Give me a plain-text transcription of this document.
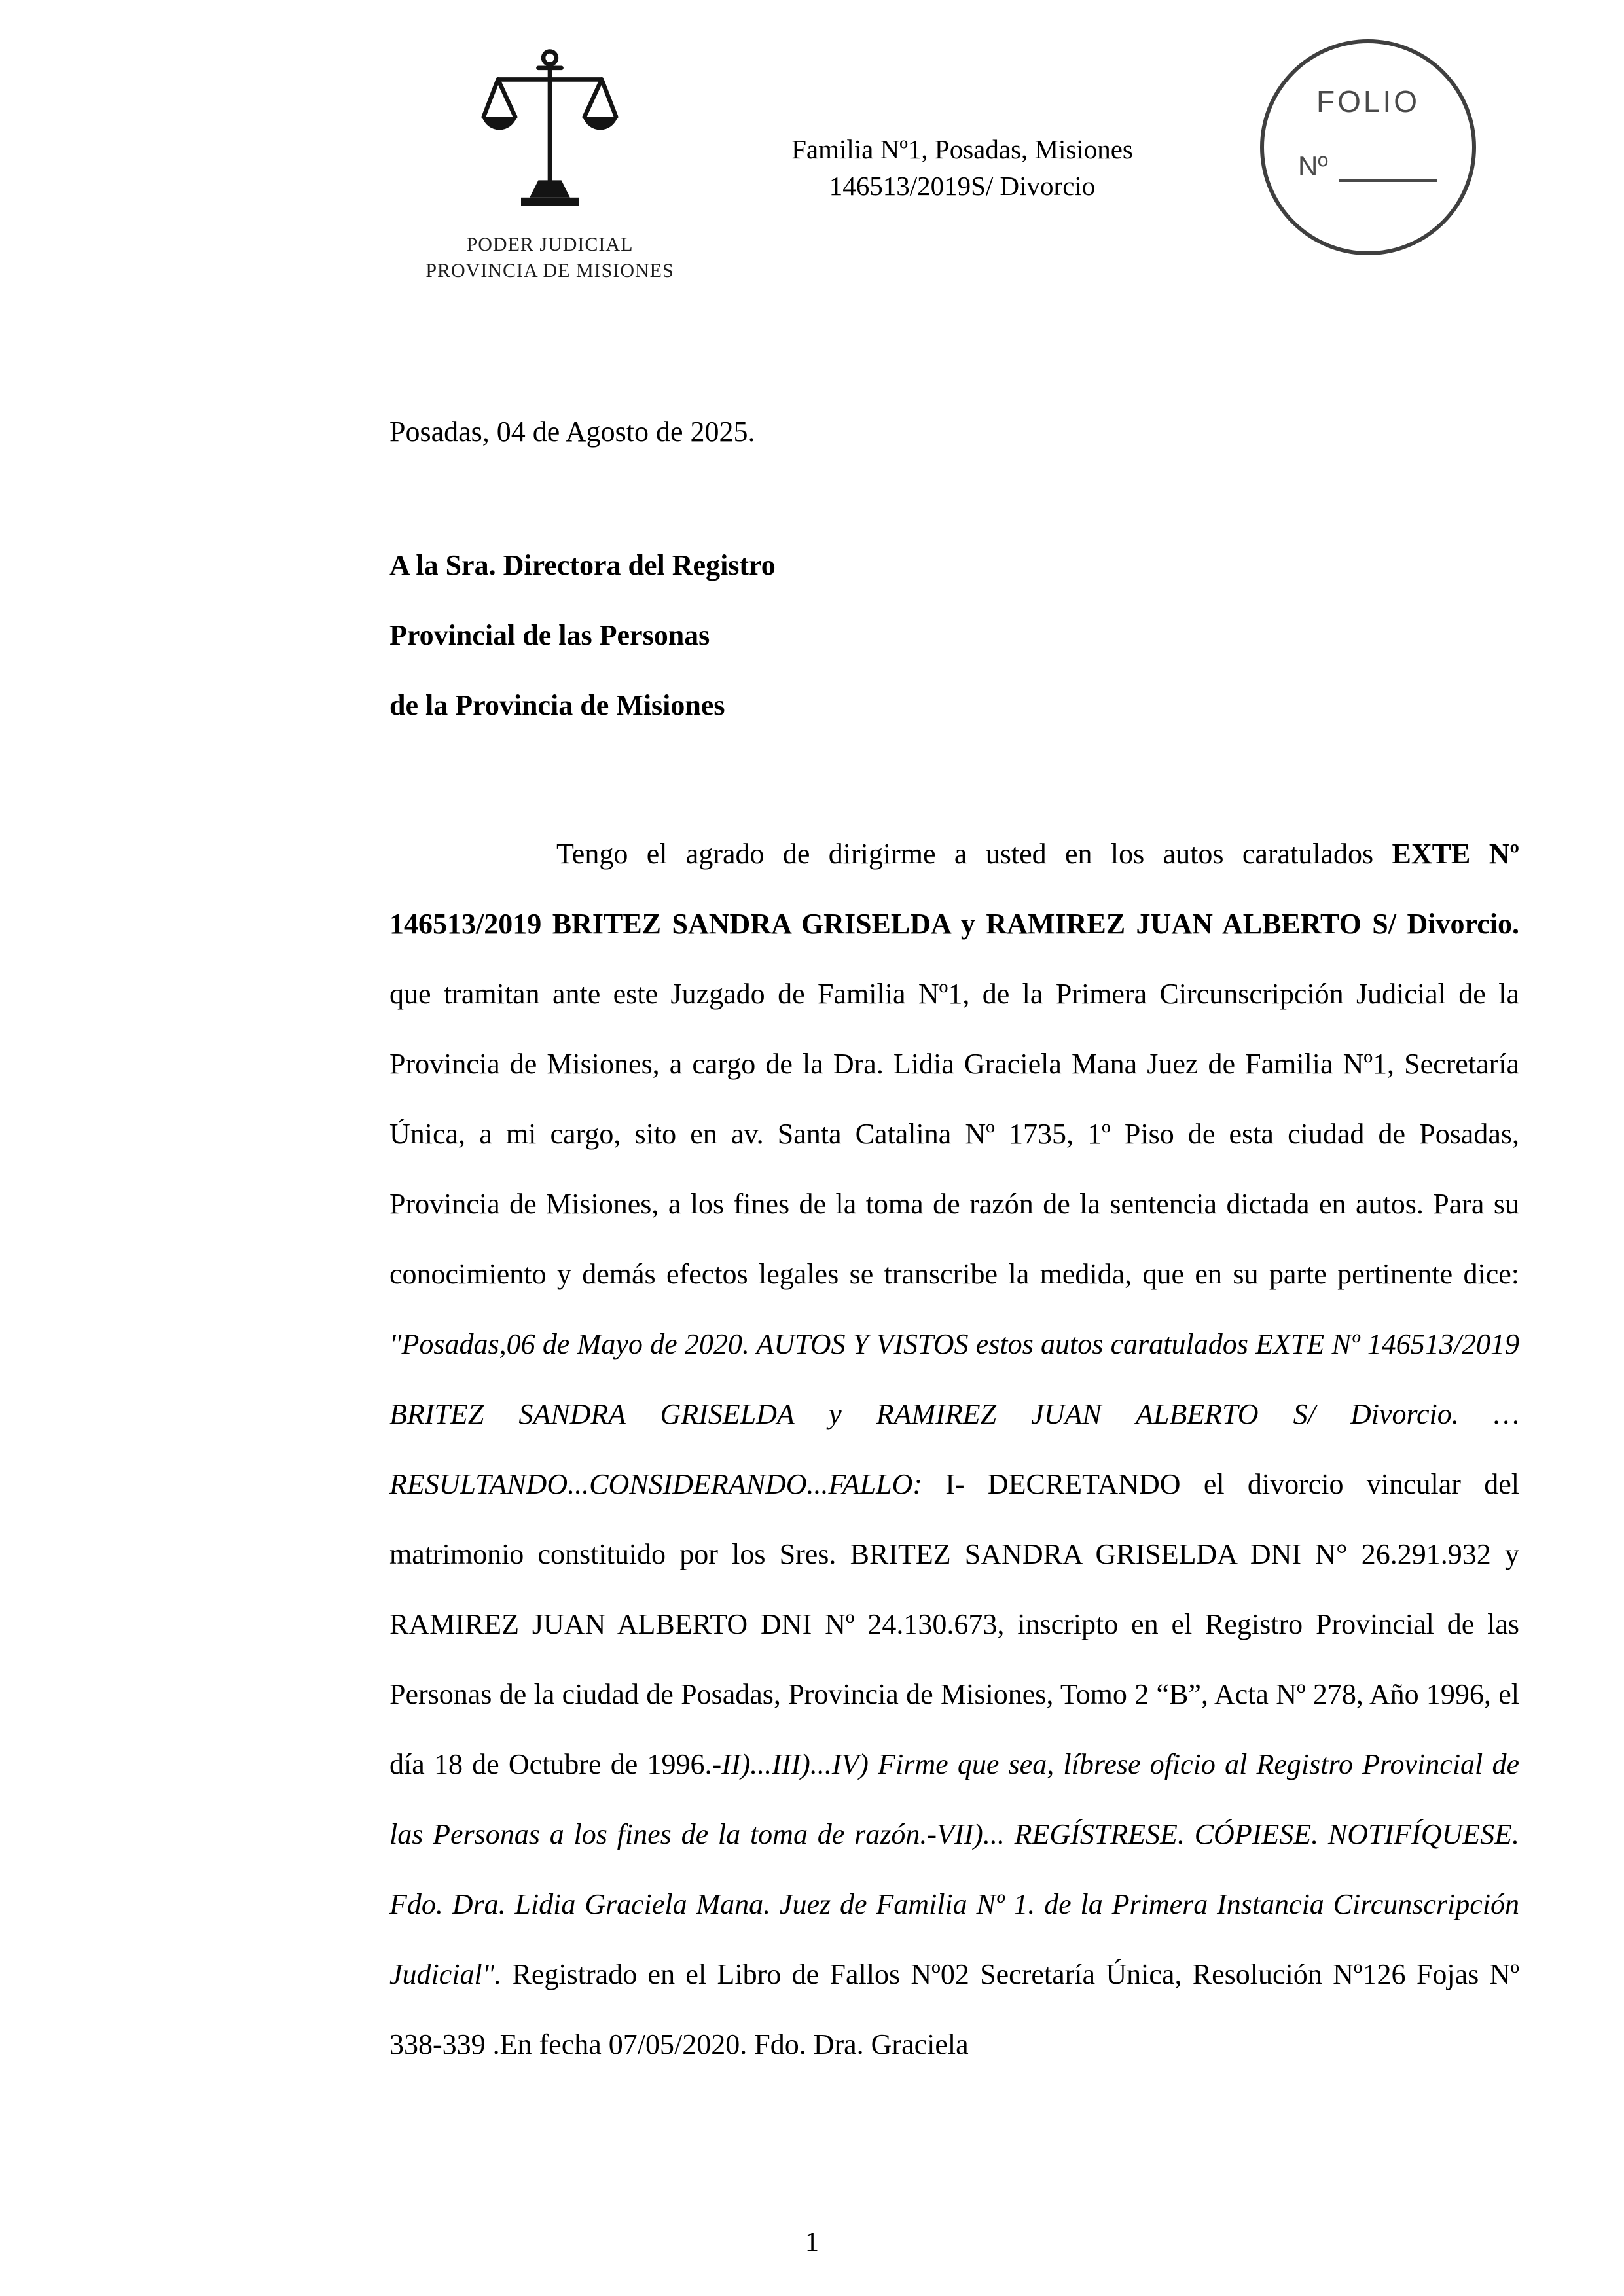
PODER JUDICIAL
PROVINCIA DE MISIONES
Familia Nº1, Posadas, Misiones
146513/2019S/ Divorcio
FOLIO
Nº
Posadas, 04 de Agosto de 2025.
A la Sra. Directora del Registro
Provincial de las Personas
de la Provincia de Misiones

Tengo el agrado de dirigirme a usted en los autos caratulados EXTE Nº 146513/2019 BRITEZ SANDRA GRISELDA y RAMIREZ JUAN ALBERTO S/ Divorcio. que tramitan ante este Juzgado de Familia Nº1, de la Primera Circunscripción Judicial de la Provincia de Misiones, a cargo de la Dra. Lidia Graciela Mana Juez de Familia Nº1, Secretaría Única, a mi cargo, sito en av. Santa Catalina Nº 1735, 1º Piso de esta ciudad de Posadas, Provincia de Misiones, a los fines de la toma de razón de la sentencia dictada en autos. Para su conocimiento y demás efectos legales se transcribe la medida, que en su parte pertinente dice: "Posadas,06 de Mayo de 2020. AUTOS Y VISTOS estos autos caratulados EXTE Nº 146513/2019 BRITEZ SANDRA GRISELDA y RAMIREZ JUAN ALBERTO S/ Divorcio. … RESULTANDO...CONSIDERANDO...FALLO: I- DECRETANDO el divorcio vincular del matrimonio constituido por los Sres. BRITEZ SANDRA GRISELDA DNI N° 26.291.932 y RAMIREZ JUAN ALBERTO DNI Nº 24.130.673, inscripto en el Registro Provincial de las Personas de la ciudad de Posadas, Provincia de Misiones, Tomo 2 “B”, Acta Nº 278, Año 1996, el día 18 de Octubre de 1996.-II)...III)...IV) Firme que sea, líbrese oficio al Registro Provincial de las Personas a los fines de la toma de razón.-VII)... REGÍSTRESE. CÓPIESE. NOTIFÍQUESE. Fdo. Dra. Lidia Graciela Mana. Juez de Familia Nº 1. de la Primera Instancia Circunscripción Judicial". Registrado en el Libro de Fallos Nº02 Secretaría Única, Resolución Nº126 Fojas Nº 338-339 .En fecha 07/05/2020. Fdo. Dra. Graciela

1
